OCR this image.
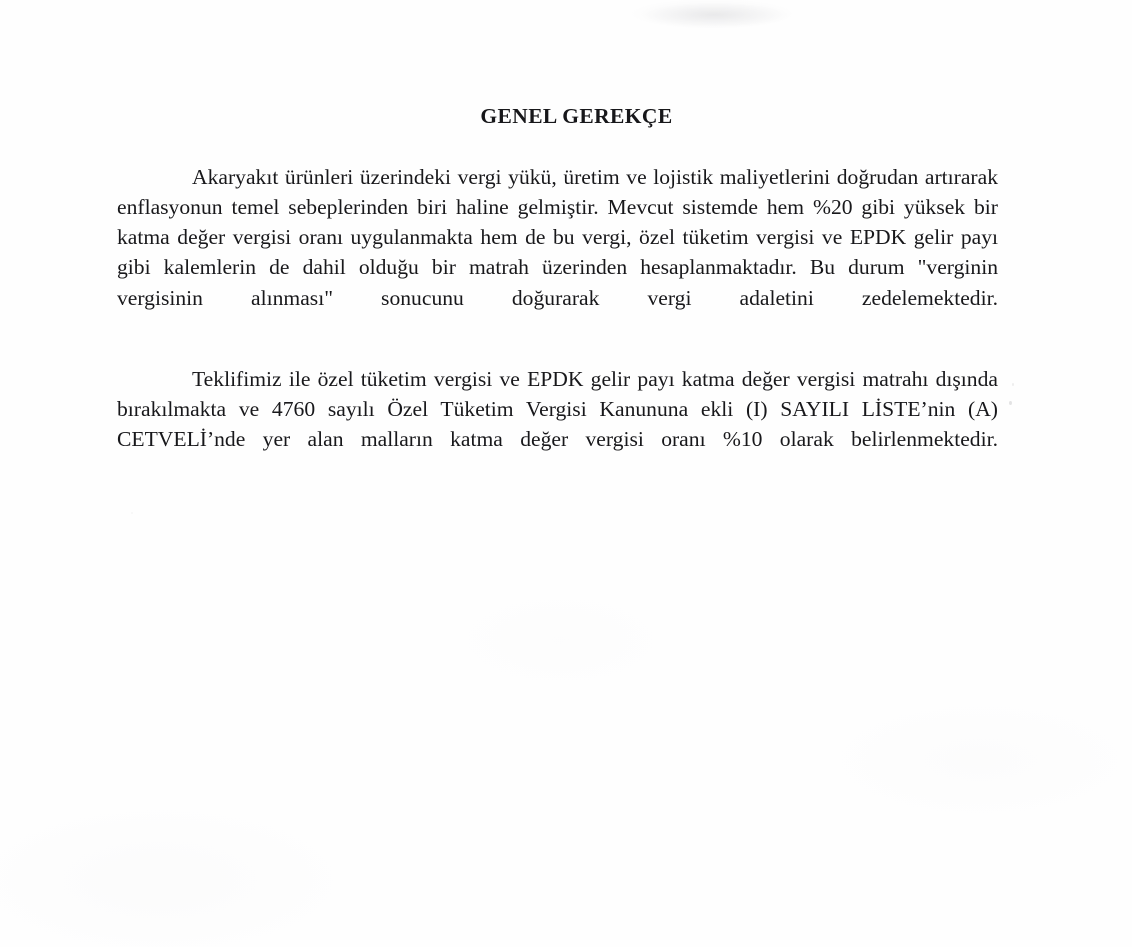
GENEL GEREKÇE

Akaryakıt ürünleri üzerindeki vergi yükü, üretim ve lojistik maliyetlerini doğrudan artırarak enflasyonun temel sebeplerinden biri haline gelmiştir. Mevcut sistemde hem %20 gibi yüksek bir katma değer vergisi oranı uygulanmakta hem de bu vergi, özel tüketim vergisi ve EPDK gelir payı gibi kalemlerin de dahil olduğu bir matrah üzerinden hesaplanmaktadır. Bu durum "verginin vergisinin alınması" sonucunu doğurarak vergi adaletini zedelemektedir.

Teklifimiz ile özel tüketim vergisi ve EPDK gelir payı katma değer vergisi matrahı dışında bırakılmakta ve 4760 sayılı Özel Tüketim Vergisi Kanununa ekli (I) SAYILI LİSTE’nin (A) CETVELİ’nde yer alan malların katma değer vergisi oranı %10 olarak belirlenmektedir.
